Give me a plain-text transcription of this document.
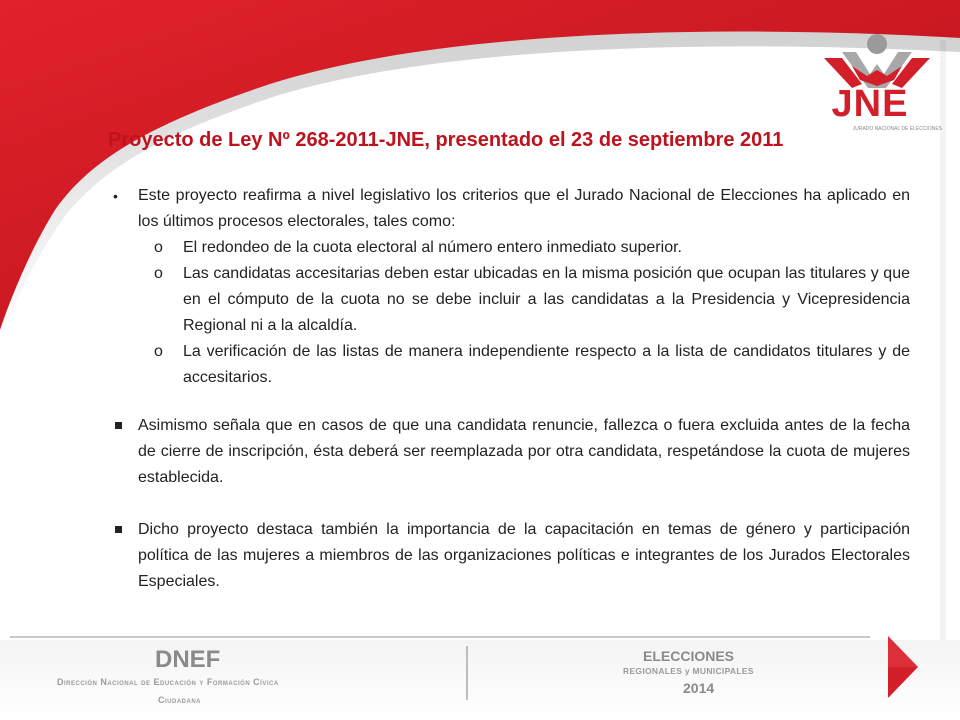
JNE
JURADO NACIONAL DE ELECCIONES
Proyecto de Ley Nº 268-2011-JNE, presentado el 23 de septiembre 2011
• Este proyecto reafirma a nivel legislativo los criterios que el Jurado Nacional de Elecciones ha aplicado en los últimos procesos electorales, tales como:
o El redondeo de la cuota electoral al número entero inmediato superior.
o Las candidatas accesitarias deben estar ubicadas en la misma posición que ocupan las titulares y que en el cómputo de la cuota no se debe incluir a las candidatas a la Presidencia y Vicepresidencia Regional ni a la alcaldía.
o La verificación de las listas de manera independiente respecto a la lista de candidatos titulares y de accesitarios.
Asimismo señala que en casos de que una candidata renuncie, fallezca o fuera excluida antes de la fecha de cierre de inscripción, ésta deberá ser reemplazada por otra candidata, respetándose la cuota de mujeres establecida.
Dicho proyecto destaca también la importancia de la capacitación en temas de género y participación política de las mujeres a miembros de las organizaciones políticas e integrantes de los Jurados Electorales Especiales.
DNEF
Dirección Nacional de Educación y Formación Cívica
Ciudadana
ELECCIONES
REGIONALES y MUNICIPALES
2014
